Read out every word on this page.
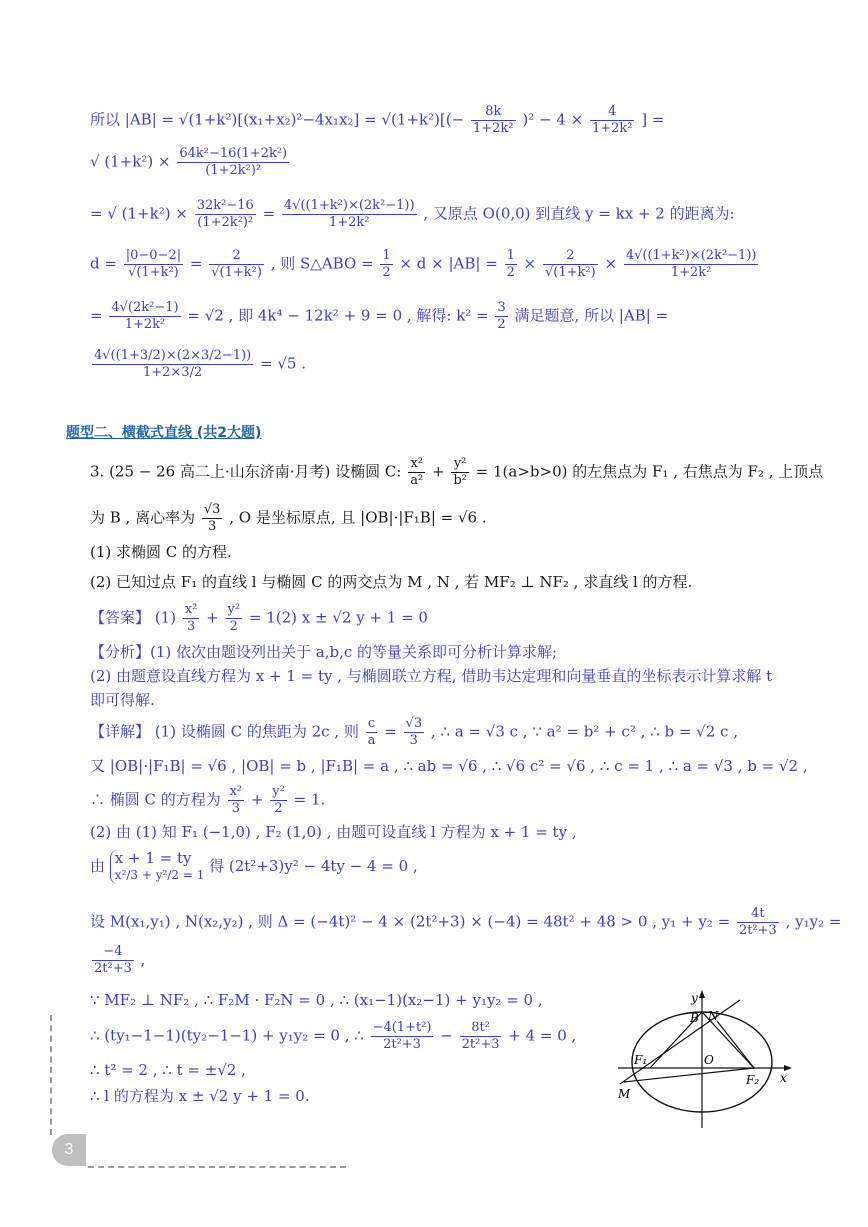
所以 $|AB| = √(1+k^2)[(x_1+x_2)^2-4x_1x_2] = √(1+k^2)[(- \frac{8k}{\text{1+2k²}} )^2 - 4 \times \frac{4}{\text{1+2k²}}$ ] =
√ $(1+k^2) \times \frac{\text{64k²−16(1+2k²)}}{\text{(1+2k²)²}}$
= √ $(1+k^2) \times \frac{\text{32k²−16}}{\text{(1+2k²)²}} = \frac{\text{4√((1+k²)×(2k²−1))}}{\text{1+2k²}}$ , 又原点 O(0,0) 到直线 y = kx + 2 的距离为:
$d = \frac{|0-0-2|}{\text{√(1+k²)}} = \frac{2}{\text{√(1+k²)}}$ , 则 S△ABO = $\frac{1}{2} \times d \times |AB| = \frac{1}{2} \times \frac{2}{\text{√(1+k²)}} \times \frac{\text{4√((1+k²)×(2k²−1))}}{\text{1+2k²}}$
= $\frac{\text{4√(2k²−1)}}{\text{1+2k²}} = √2$ , 即 4k⁴ − 12k² + 9 = 0 , 解得: $k^2 = \frac{3}{2}$ 满足题意, 所以 |AB| =
$\frac{4√((1+3/2)\times(2\times 3/2-1))}{1+2\times 3/2} = √5$ .
题型二、横截式直线 (共2大题)
3. (25 − 26 高二上·山东济南·月考) 设椭圆 C: $\frac{\text{x²}}{\text{a²}} + \frac{\text{y²}}{\text{b²}} = 1(a>b>0)$ 的左焦点为 F₁ , 右焦点为 F₂ , 上顶点
为 B , 离心率为 $\frac{√3}{3}$ , O 是坐标原点, 且 |OB|·|F₁B| = √6 .
(1) 求椭圆 C 的方程.
(2) 已知过点 F₁ 的直线 l 与椭圆 C 的两交点为 M , N , 若 MF₂ ⊥ NF₂ , 求直线 l 的方程.
【答案】 $(1) \frac{\text{x²}}{3} + \frac{\text{y²}}{2} = 1(2) x \pm √2$ y + 1 = 0
【分析】(1) 依次由题设列出关于 a,b,c 的等量关系即可分析计算求解;
(2) 由题意设直线方程为 x + 1 = ty , 与椭圆联立方程, 借助韦达定理和向量垂直的坐标表示计算求解 t
即可得解.
【详解】 (1) 设椭圆 C 的焦距为 2c , 则 $\frac{c}{a} = \frac{√3}{3}$ , ∴ a = √3 c , ∵ a² = b² + c² , ∴ b = √2 c ,
又 |OB|·|F₁B| = √6 , |OB| = b , |F₁B| = a , ∴ ab = √6 , ∴ √6 c² = √6 , ∴ c = 1 , ∴ a = √3 , b = √2 ,
∴ 椭圆 C 的方程为 $\frac{\text{x²}}{3} + \frac{\text{y²}}{2} = 1$.
(2) 由 (1) 知 F₁ (−1,0) , F₂ (1,0) , 由题可设直线 l 方程为 x + 1 = ty ,
由 x + 1 = ty
x²/3 + y²/2 = 1 得 (2t²+3)y² − 4ty − 4 = 0 ,
设 M(x₁,y₁) , N(x₂,y₂) , 则 Δ = (−4t)² − 4 × (2t²+3) × (−4) = 48t² + 48 > 0 , $y_1 + y_2 = \frac{4t}{\text{2t²+3}}$ , y₁y₂ =
$\frac{-4}{\text{2t²+3}}$ ,
∵ MF₂ ⊥ NF₂ , ∴ F₂M · F₂N = 0 , ∴ (x₁−1)(x₂−1) + y₁y₂ = 0 ,
∴ (ty₁−1−1)(ty₂−1−1) + y₁y₂ = 0 , ∴ $\frac{\text{−4(1+t²)}}{\text{2t²+3}} - \frac{\text{8t²}}{\text{2t²+3}} + 4 = 0$ ,
∴ t² = 2 , ∴ t = ±√2 ,
∴ l 的方程为 x ± √2 y + 1 = 0.
y
x
B N
F₁	O
F₂
M
3
